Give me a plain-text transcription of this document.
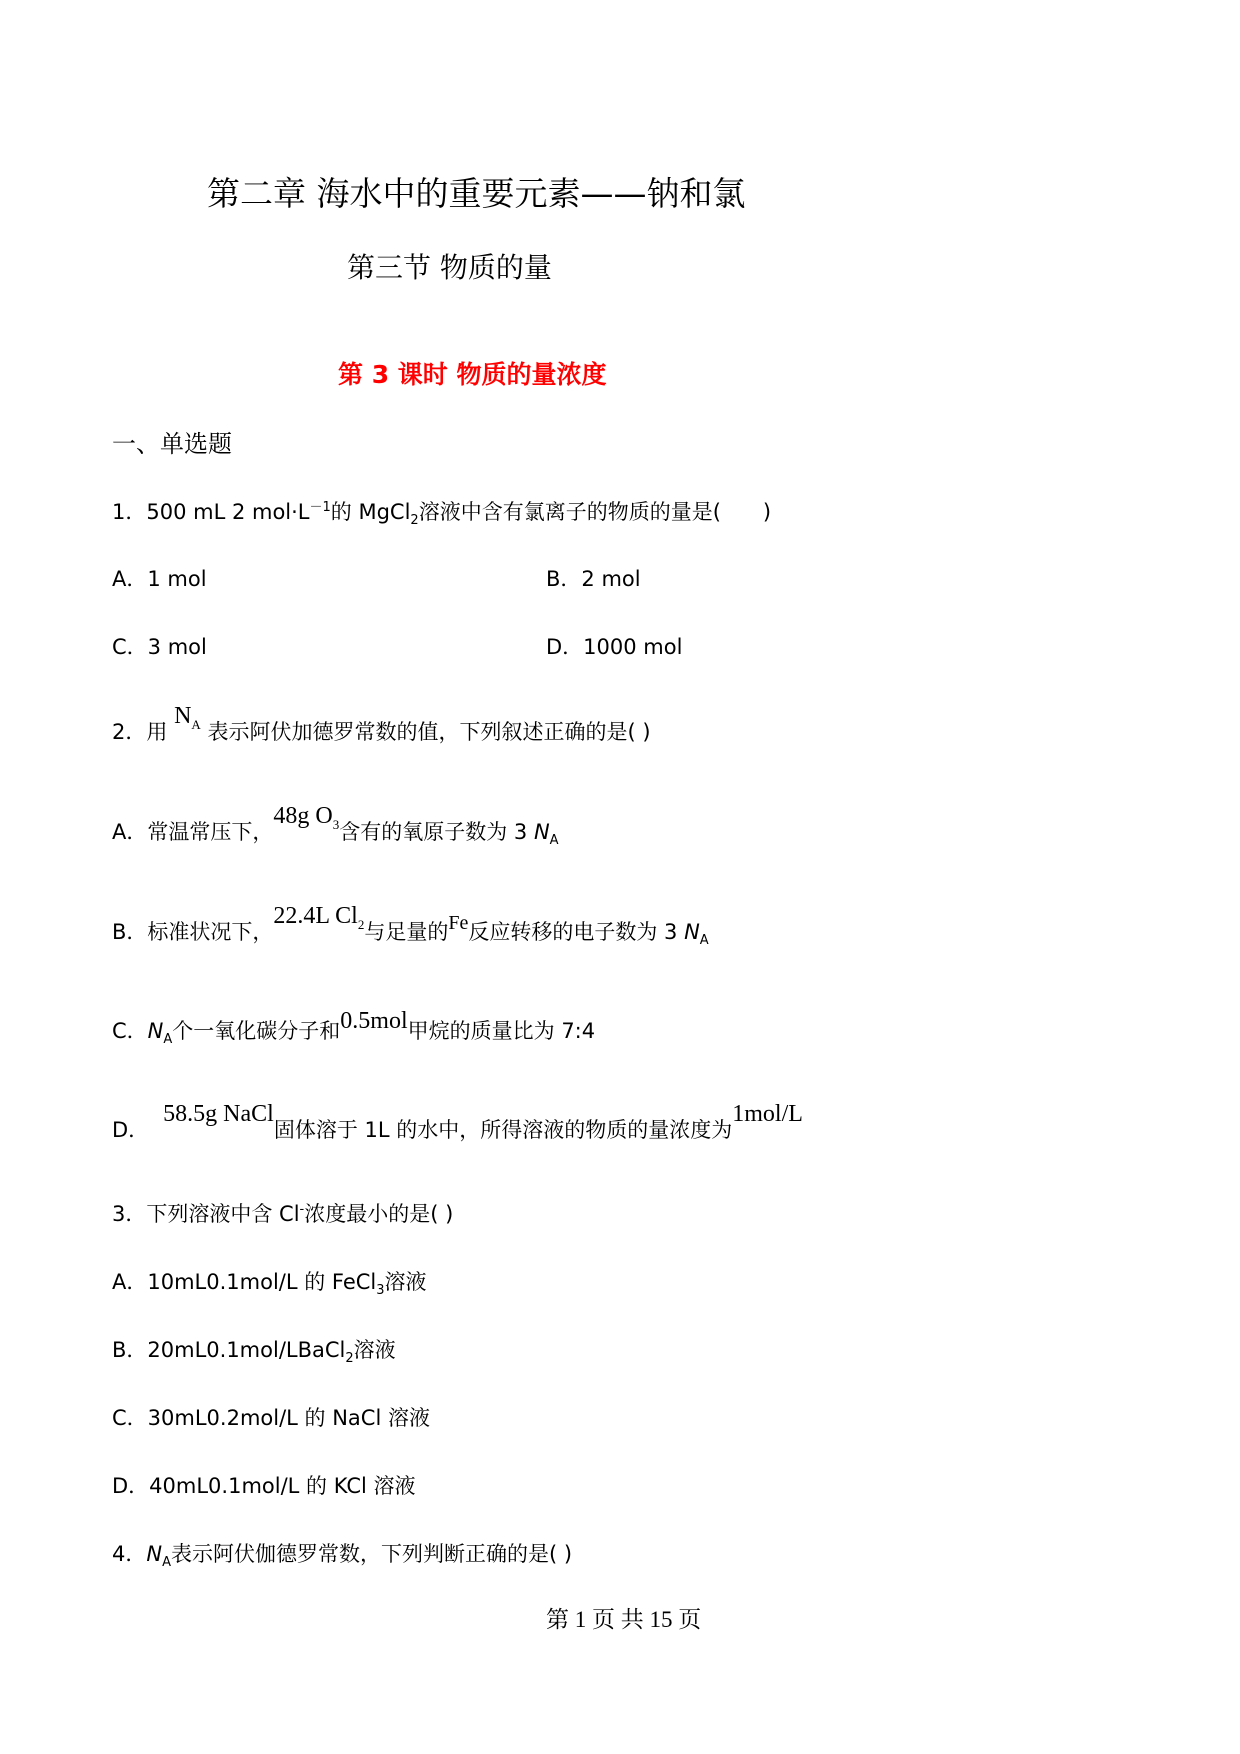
第二章 海水中的重要元素——钠和氯
第三节 物质的量
第 3 课时 物质的量浓度
一、单选题
1．500 mL 2 $mol\cdot L^{-1}$的 MgCl$_2$溶液中含有氯离子的物质的量是(　　)
A．1 mol	B．2 mol
C．3 mol	D．1000 mol
2．用 $N_A$ 表示阿伏加德罗常数的值，下列叙述正确的是( )
A．常温常压下，48g $O_3$含有的氧原子数为 3 $N_A$
B．标准状况下，22.4L $Cl_2$与足量的Fe反应转移的电子数为 3 $N_A$
C．$N_A$个一氧化碳分子和0.5mol甲烷的质量比为 7:4
D．58.5g NaCl固体溶于 1L 的水中，所得溶液的物质的量浓度为1mol/L
3．下列溶液中含 Cl-浓度最小的是( )
A．10mL0.1mol/L 的 FeCl$_3$溶液
B．20mL0.1mol/LBaCl$_2$溶液
C．30mL0.2mol/L 的 NaCl 溶液
D．40mL0.1mol/L 的 KCl 溶液
4．$N_A$表示阿伏伽德罗常数，下列判断正确的是( )
第 1 页 共 15 页
